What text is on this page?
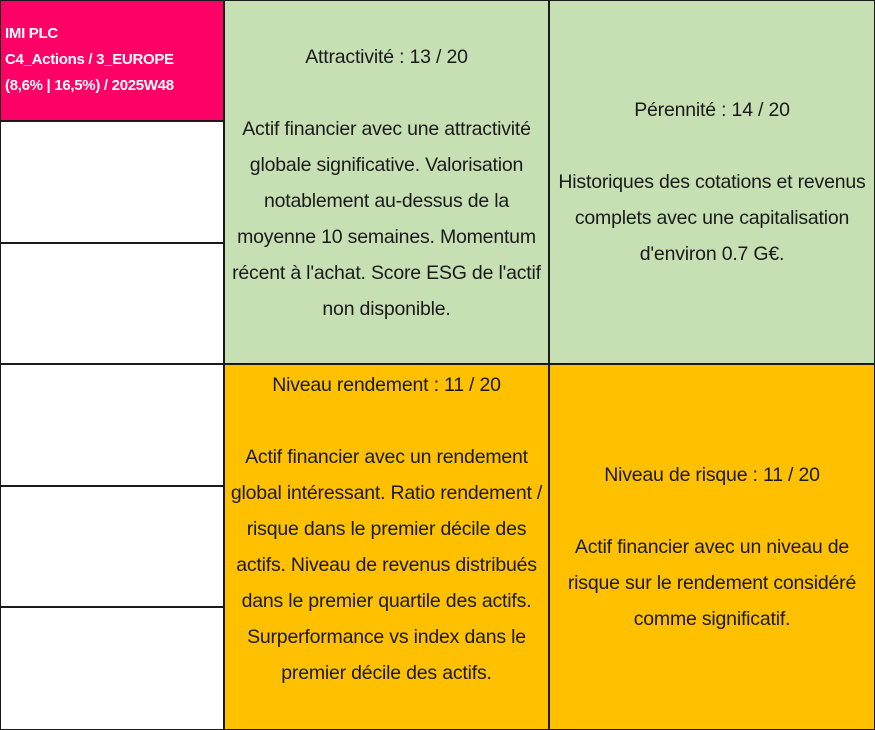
IMI PLC
C4_Actions / 3_EUROPE
(8,6% | 16,5%) / 2025W48
Attractivité : 13 / 20
Actif financier avec une attractivité globale significative. Valorisation notablement au-dessus de la moyenne 10 semaines. Momentum récent à l'achat. Score ESG de l'actif non disponible.
Pérennité : 14 / 20
Historiques des cotations et revenus complets avec une capitalisation d'environ 0.7 G€.
Niveau rendement : 11 / 20
Actif financier avec un rendement global intéressant. Ratio rendement / risque dans le premier décile des actifs. Niveau de revenus distribués dans le premier quartile des actifs. Surperformance vs index dans le premier décile des actifs.
Niveau de risque : 11 / 20
Actif financier avec un niveau de risque sur le rendement considéré comme significatif.
